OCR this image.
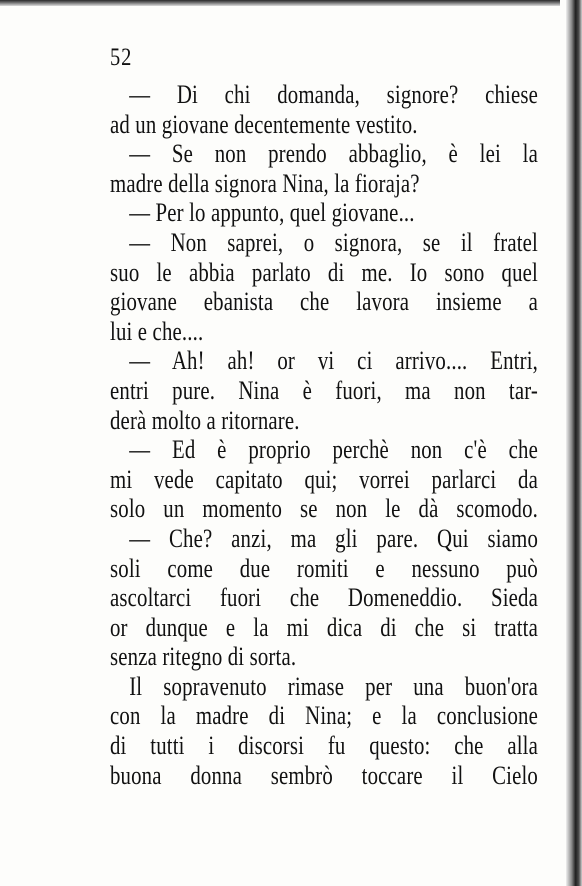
52
— Di chi domanda, signore? chiese
ad un giovane decentemente vestito.
— Se non prendo abbaglio, è lei la
madre della signora Nina, la fioraja?
— Per lo appunto, quel giovane...
— Non saprei, o signora, se il fratel
suo le abbia parlato di me. Io sono quel
giovane ebanista che lavora insieme a
lui e che....
— Ah! ah! or vi ci arrivo.... Entri,
entri pure. Nina è fuori, ma non tar-
derà molto a ritornare.
— Ed è proprio perchè non c'è che
mi vede capitato qui; vorrei parlarci da
solo un momento se non le dà scomodo.
— Che? anzi, ma gli pare. Qui siamo
soli come due romiti e nessuno può
ascoltarci fuori che Domeneddio. Sieda
or dunque e la mi dica di che si tratta
senza ritegno di sorta.
Il sopravenuto rimase per una buon'ora
con la madre di Nina; e la conclusione
di tutti i discorsi fu questo: che alla
buona donna sembrò toccare il Cielo
